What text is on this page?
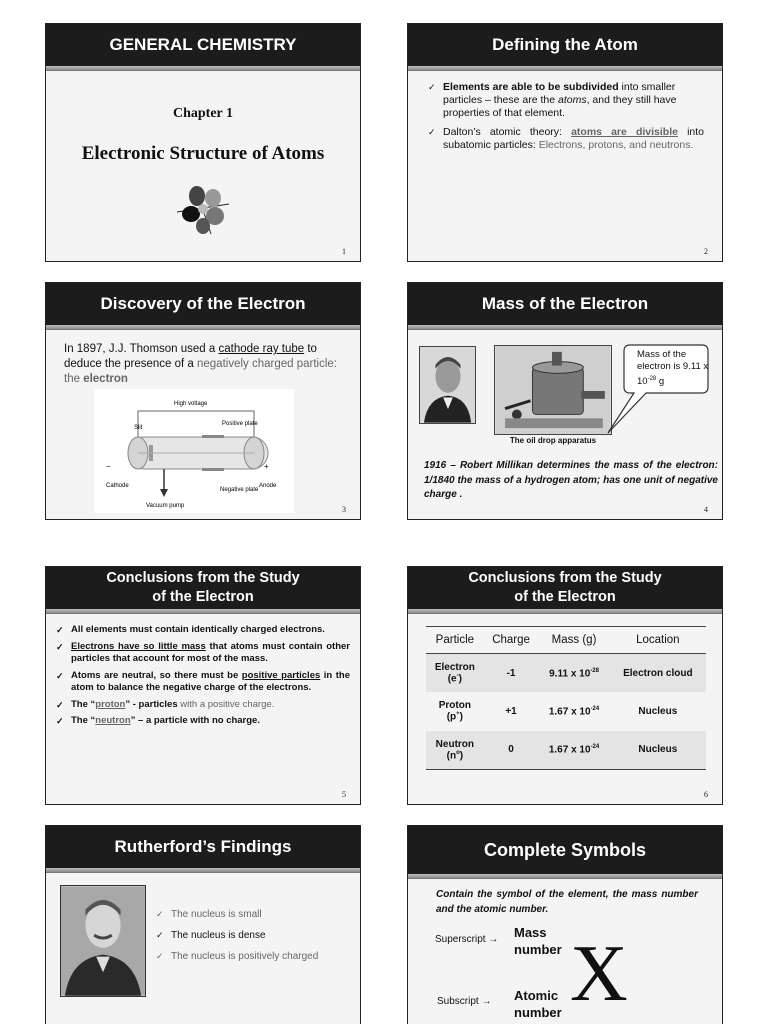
GENERAL CHEMISTRY
Chapter 1
Electronic Structure of Atoms
1
Defining the Atom
✓ Elements are able to be subdivided into smaller particles – these are the atoms, and they still have properties of that element.
✓ Dalton’s atomic theory: atoms are divisible into subatomic particles: Electrons, protons, and neutrons.
2
Discovery of the Electron
In 1897, J.J. Thomson used a cathode ray tube to deduce the presence of a negatively charged particle: the electron
High voltage
Slit
Positive plate
−	+
Cathode	Anode
Vacuum pump
Negative plate
3
Mass of the Electron
Mass of the electron is 9.11 x $10^{-28}$ g
The oil drop apparatus
1916 – Robert Millikan determines the mass of the electron: 1/1840 the mass of a hydrogen atom; has one unit of negative charge .
4
Conclusions from the Study
of the Electron
✓ All elements must contain identically charged electrons.
✓ Electrons have so little mass that atoms must contain other particles that account for most of the mass.
✓ Atoms are neutral, so there must be positive particles in the atom to balance the negative charge of the electrons.
✓ The “proton” - particles with a positive charge.
✓ The “neutron” – a particle with no charge.
5
Conclusions from the Study
of the Electron
Particle	Charge	Mass (g)	Location

Electron
(e-)	-1	9.11 x $10^{-28}$	Electron cloud

Proton
(p+)	+1	1.67 x $10^{-24}$	Nucleus

Neutron
$(n^o)$	0	1.67 x $10^{-24}$	Nucleus
6
Rutherford’s Findings
✓ The nucleus is small
✓ The nucleus is dense
✓ The nucleus is positively charged
Complete Symbols
Contain the symbol of the element, the mass number and the atomic number.
Superscript → Mass number X
Subscript → Atomic number
